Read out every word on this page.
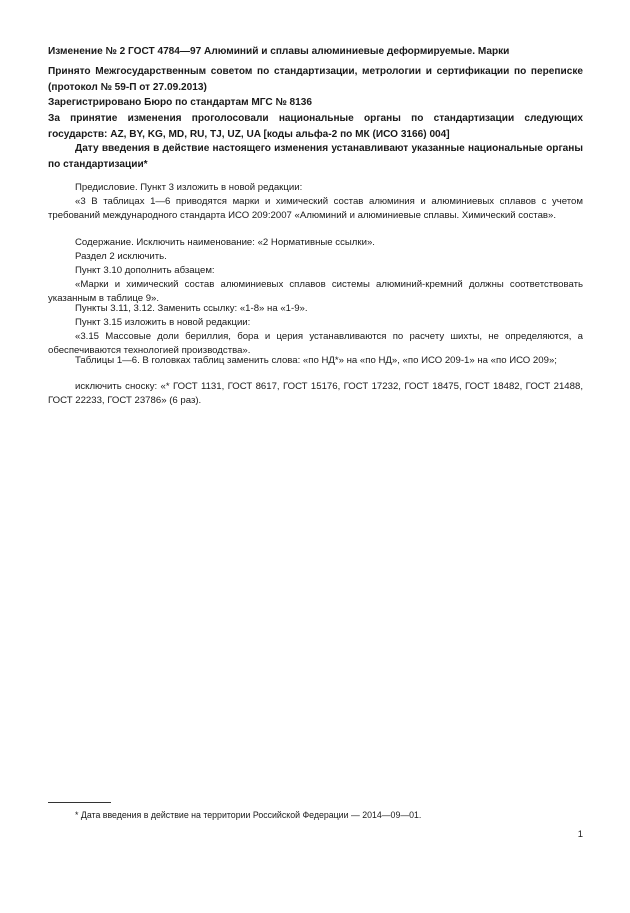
Изменение № 2 ГОСТ 4784—97 Алюминий и сплавы алюминиевые деформируемые. Марки

Принято Межгосударственным советом по стандартизации, метрологии и сертификации по переписке (протокол № 59-П от 27.09.2013)

Зарегистрировано Бюро по стандартам МГС № 8136

За принятие изменения проголосовали национальные органы по стандартизации следующих государств: AZ, BY, KG, MD, RU, TJ, UZ, UA [коды альфа-2 по МК (ИСО 3166) 004]

Дату введения в действие настоящего изменения устанавливают указанные национальные органы по стандартизации*

Предисловие. Пункт 3 изложить в новой редакции:

«3 В таблицах 1—6 приводятся марки и химический состав алюминия и алюминиевых сплавов с учетом требований международного стандарта ИСО 209:2007 «Алюминий и алюминиевые сплавы. Химический состав».

Содержание. Исключить наименование: «2 Нормативные ссылки».

Раздел 2 исключить.

Пункт 3.10 дополнить абзацем:

«Марки и химический состав алюминиевых сплавов системы алюминий-кремний должны соответствовать указанным в таблице 9».

Пункты 3.11, 3.12. Заменить ссылку: «1-8» на «1-9».

Пункт 3.15 изложить в новой редакции:

«3.15 Массовые доли бериллия, бора и церия устанавливаются по расчету шихты, не определяются, а обеспечиваются технологией производства».

Таблицы 1—6. В головках таблиц заменить слова: «по НД*» на «по НД», «по ИСО 209-1» на «по ИСО 209»;

исключить сноску: «* ГОСТ 1131, ГОСТ 8617, ГОСТ 15176, ГОСТ 17232, ГОСТ 18475, ГОСТ 18482, ГОСТ 21488, ГОСТ 22233, ГОСТ 23786» (6 раз).

* Дата введения в действие на территории Российской Федерации — 2014—09—01.

1
